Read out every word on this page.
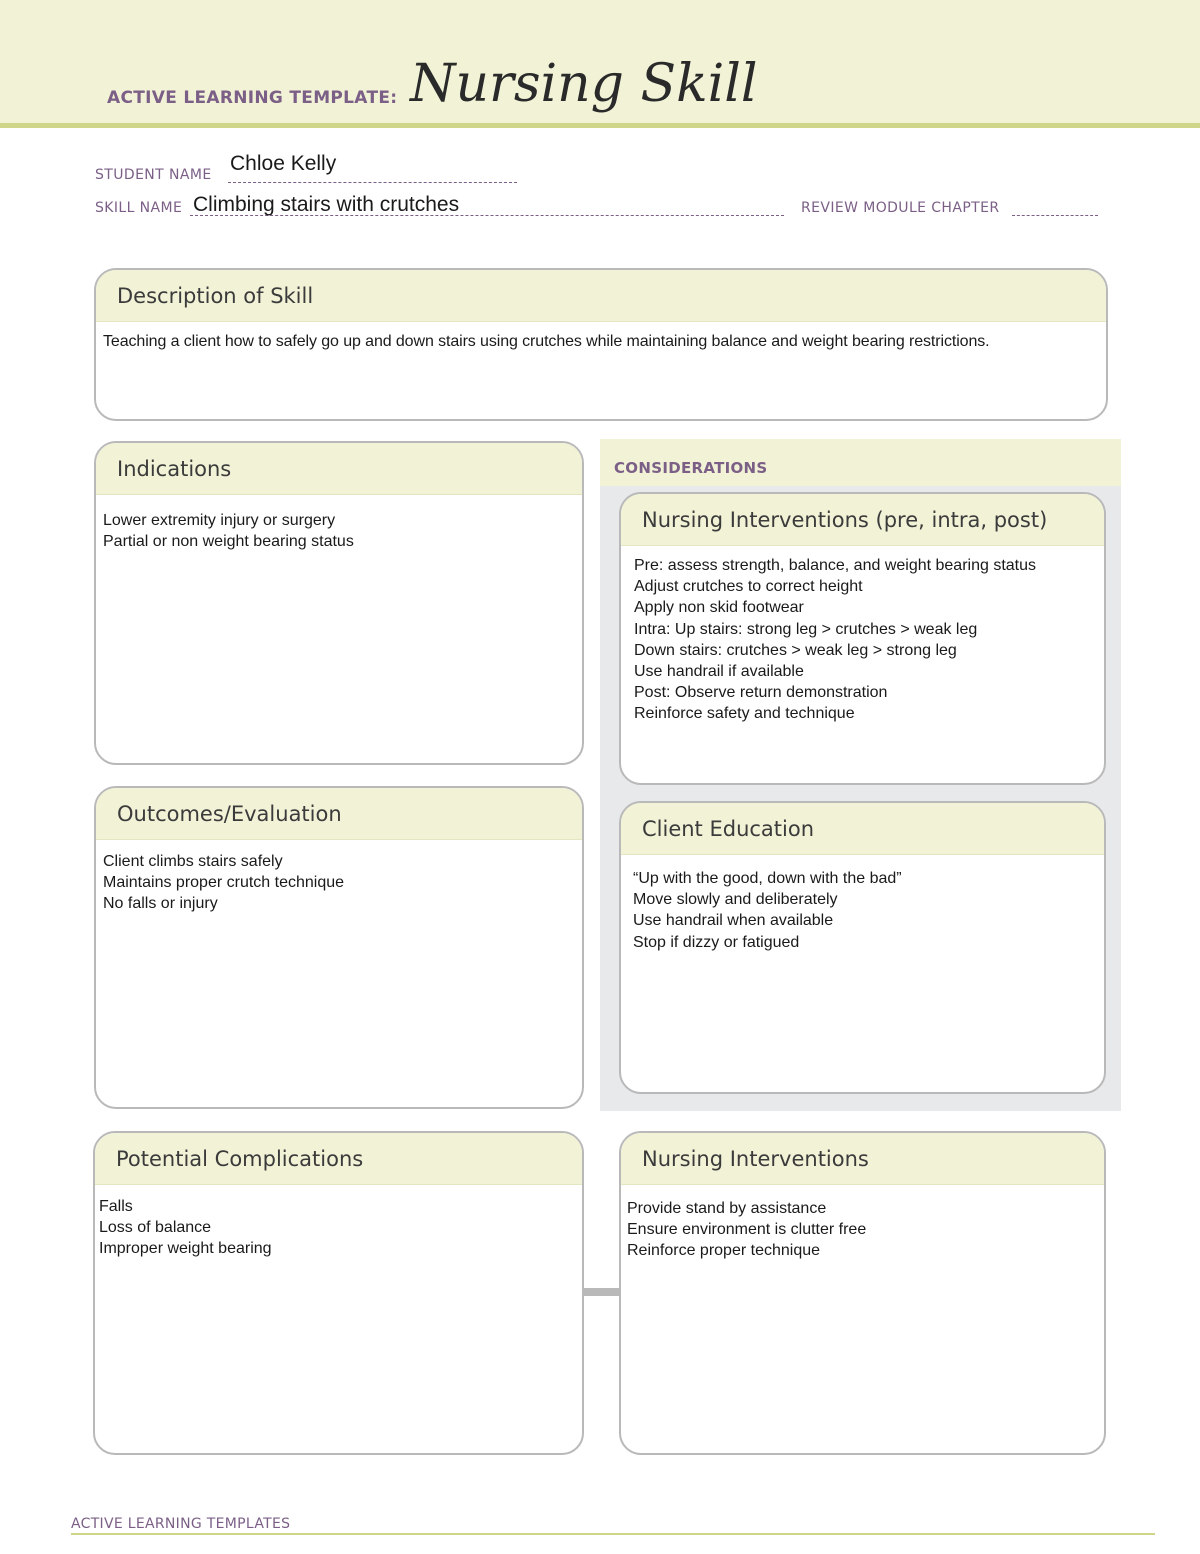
ACTIVE LEARNING TEMPLATE: Nursing Skill
STUDENT NAME Chloe Kelly
SKILL NAME Climbing stairs with crutches	REVIEW MODULE CHAPTER
Description of Skill
Teaching a client how to safely go up and down stairs using crutches while maintaining balance and weight bearing restrictions.
Indications
Lower extremity injury or surgery
Partial or non weight bearing status
Outcomes/Evaluation
Client climbs stairs safely
Maintains proper crutch technique
No falls or injury
CONSIDERATIONS
Nursing Interventions (pre, intra, post)
Pre: assess strength, balance, and weight bearing status
Adjust crutches to correct height
Apply non skid footwear
Intra: Up stairs: strong leg > crutches > weak leg
Down stairs: crutches > weak leg > strong leg
Use handrail if available
Post: Observe return demonstration
Reinforce safety and technique
Client Education
“Up with the good, down with the bad”
Move slowly and deliberately
Use handrail when available
Stop if dizzy or fatigued
Potential Complications
Falls
Loss of balance
Improper weight bearing
Nursing Interventions
Provide stand by assistance
Ensure environment is clutter free
Reinforce proper technique
ACTIVE LEARNING TEMPLATES
